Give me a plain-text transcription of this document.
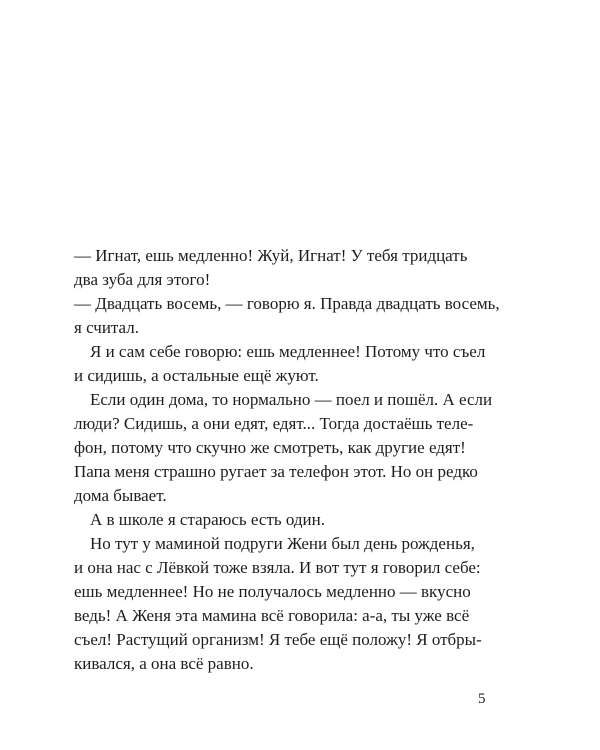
— Игнат, ешь медленно! Жуй, Игнат! У тебя тридцать
два зуба для этого!
— Двадцать восемь, — говорю я. Правда двадцать восемь,
я считал.
Я и сам себе говорю: ешь медленнее! Потому что съел
и сидишь, а остальные ещё жуют.
Если один дома, то нормально — поел и пошёл. А если
люди? Сидишь, а они едят, едят... Тогда достаёшь теле-
фон, потому что скучно же смотреть, как другие едят!
Папа меня страшно ругает за телефон этот. Но он редко
дома бывает.
А в школе я стараюсь есть один.
Но тут у маминой подруги Жени был день рожденья,
и она нас с Лёвкой тоже взяла. И вот тут я говорил себе:
ешь медленнее! Но не получалось медленно — вкусно
ведь! А Женя эта мамина всё говорила: а-а, ты уже всё
съел! Растущий организм! Я тебе ещё положу! Я отбры-
кивался, а она всё равно.
5
